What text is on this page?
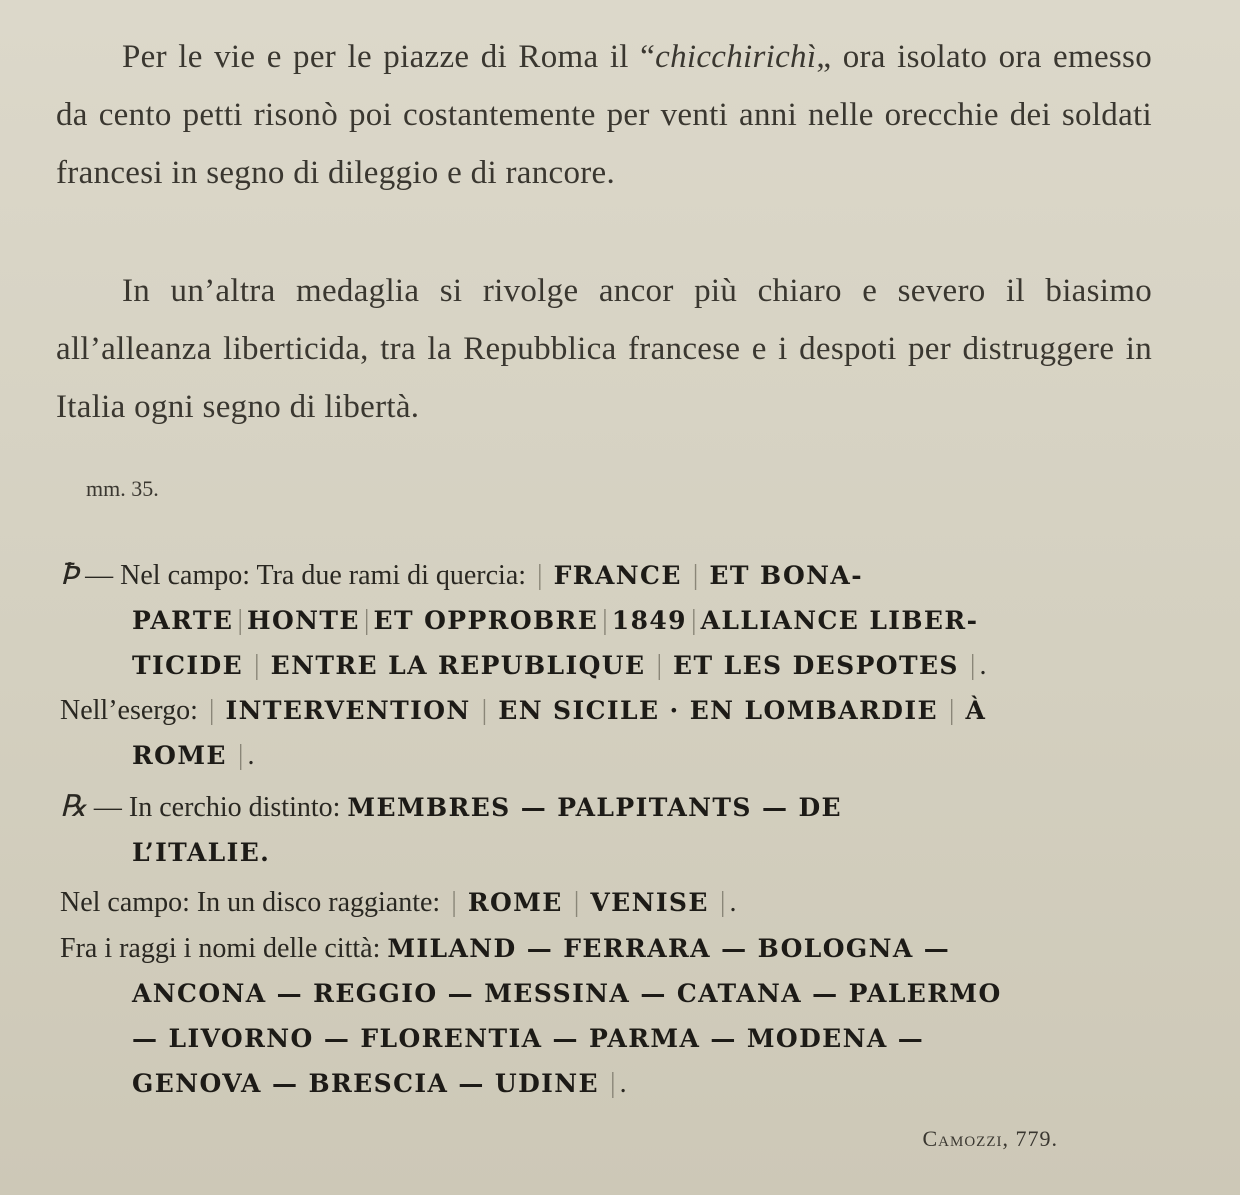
Per le vie e per le piazze di Roma il “chicchirichì„ ora isolato ora emesso da cento petti risonò poi costantemente per venti anni nelle orecchie dei soldati francesi in segno di dileggio e di rancore.

In un’altra medaglia si rivolge ancor più chiaro e severo il biasimo all’alleanza liberticida, tra la Repubblica francese e i despoti per distruggere in Italia ogni segno di libertà.

mm. 35.
Ꝥ — Nel campo: Tra due rami di quercia: | FRANCE | ET BONA-
PARTE | HONTE | ET OPPROBRE | 1849 | ALLIANCE LIBER-
TICIDE | ENTRE LA REPUBLIQUE | ET LES DESPOTES | .
Nell’esergo: | INTERVENTION | EN SICILE · EN LOMBARDIE | À
ROME | .
℞ — In cerchio distinto: MEMBRES — PALPITANTS — DE
L’ITALIE.
Nel campo: In un disco raggiante: | ROME | VENISE | .
Fra i raggi i nomi delle città: MILAND — FERRARA — BOLOGNA —
ANCONA — REGGIO — MESSINA — CATANA — PALERMO
— LIVORNO — FLORENTIA — PARMA — MODENA —
GENOVA — BRESCIA — UDINE | .
Camozzi, 779.
